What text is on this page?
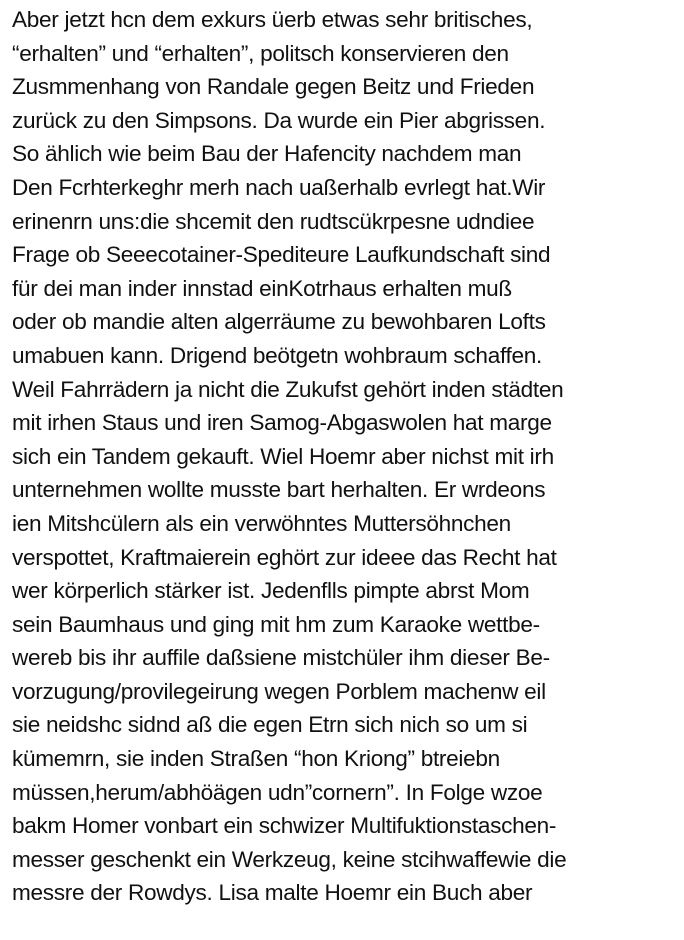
Aber jetzt hcn dem exkurs üerb etwas sehr britisches,
“erhalten” und “erhalten”, politsch konservieren den
Zusmmenhang von Randale gegen Beitz und Frieden
zurück zu den Simpsons. Da wurde ein Pier abgrissen.
So ählich wie beim Bau der Hafencity nachdem man
Den Fcrhterkeghr merh nach uaßerhalb evrlegt hat.Wir
erinenrn uns:die shcemit den rudtscükrpesne udndiee
Frage ob Seeecotainer-Spediteure Laufkundschaft sind
für dei man inder innstad einKotrhaus erhalten muß
oder ob mandie alten algerräume zu bewohbaren Lofts
umabuen kann. Drigend beötgetn wohbraum schaffen.
Weil Fahrrädern ja nicht die Zukufst gehört inden städten
mit irhen Staus und iren Samog-Abgaswolen hat marge
sich ein Tandem gekauft. Wiel Hoemr aber nichst mit irh
unternehmen wollte musste bart herhalten. Er wrdeons
ien Mitshcülern als ein verwöhntes Muttersöhnchen
verspottet, Kraftmaierein eghört zur ideee das Recht hat
wer körperlich stärker ist. Jedenflls pimpte abrst Mom
sein Baumhaus und ging mit hm zum Karaoke wettbe-
wereb bis ihr auffile daßsiene mistchüler ihm dieser Be-
vorzugung/provilegeirung wegen Porblem machenw eil
sie neidshc sidnd aß die egen Etrn sich nich so um si
kümemrn, sie inden Straßen “hon Kriong” btreiebn
müssen,herum/abhöägen udn”cornern”. In Folge wzoe
bakm Homer vonbart ein schwizer Multifuktionstaschen-
messer geschenkt ein Werkzeug, keine stcihwaffewie die
messre der Rowdys. Lisa malte Hoemr ein Buch aber
